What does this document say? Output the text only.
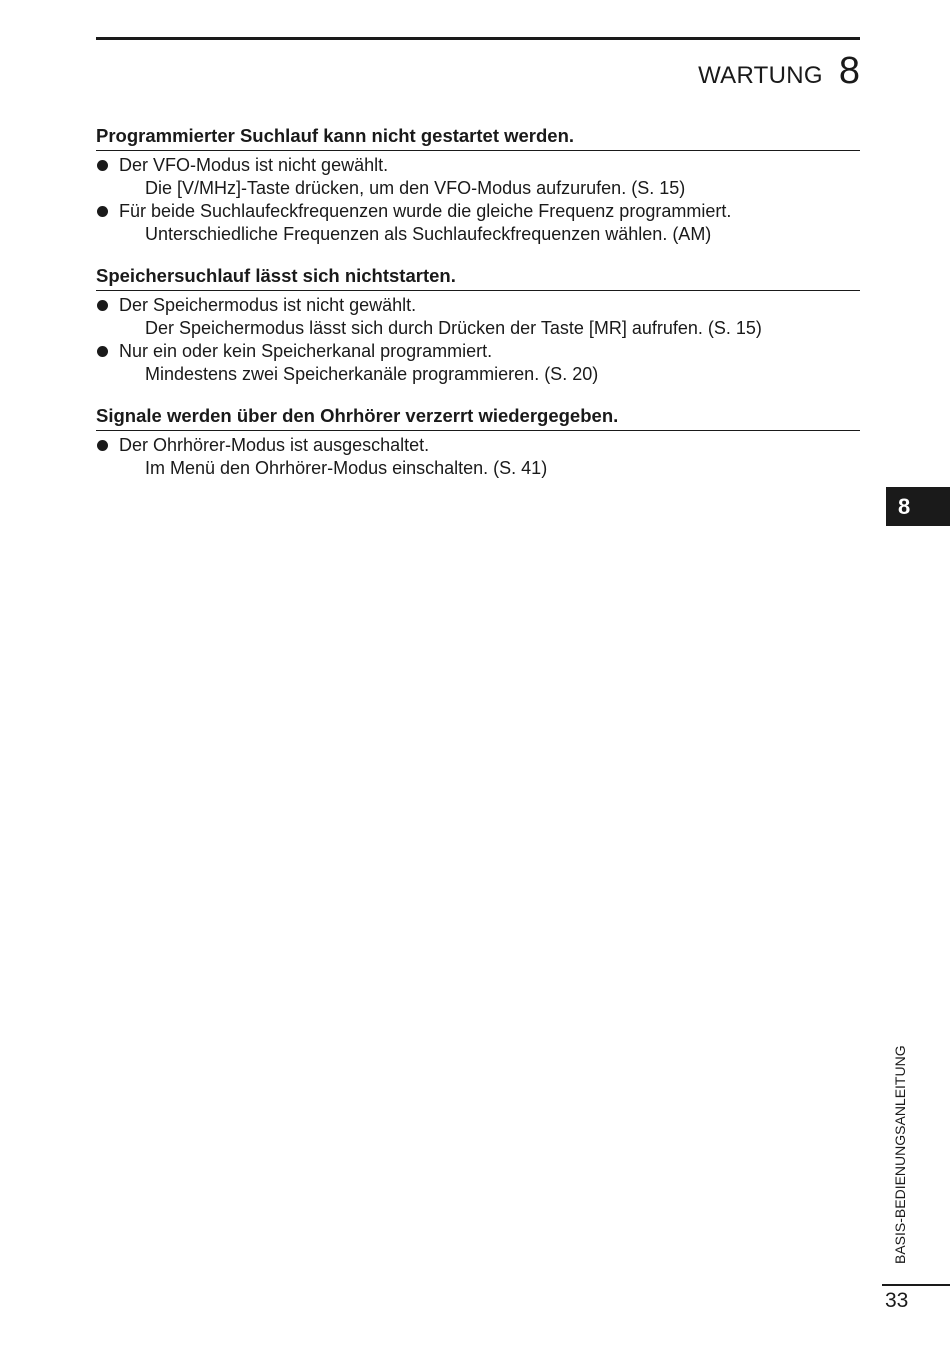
WARTUNG 8
Programmierter Suchlauf kann nicht gestartet werden.
Der VFO-Modus ist nicht gewählt.
Die [V/MHz]-Taste drücken, um den VFO-Modus aufzurufen. (S. 15)
Für beide Suchlaufeckfrequenzen wurde die gleiche Frequenz programmiert.
Unterschiedliche Frequenzen als Suchlaufeckfrequenzen wählen. (AM)
Speichersuchlauf lässt sich nichtstarten.
Der Speichermodus ist nicht gewählt.
Der Speichermodus lässt sich durch Drücken der Taste [MR] aufrufen. (S. 15)
Nur ein oder kein Speicherkanal programmiert.
Mindestens zwei Speicherkanäle programmieren. (S. 20)
Signale werden über den Ohrhörer verzerrt wiedergegeben.
Der Ohrhörer-Modus ist ausgeschaltet.
Im Menü den Ohrhörer-Modus einschalten. (S. 41)
8
BASIS-BEDIENUNGSANLEITUNG
33
